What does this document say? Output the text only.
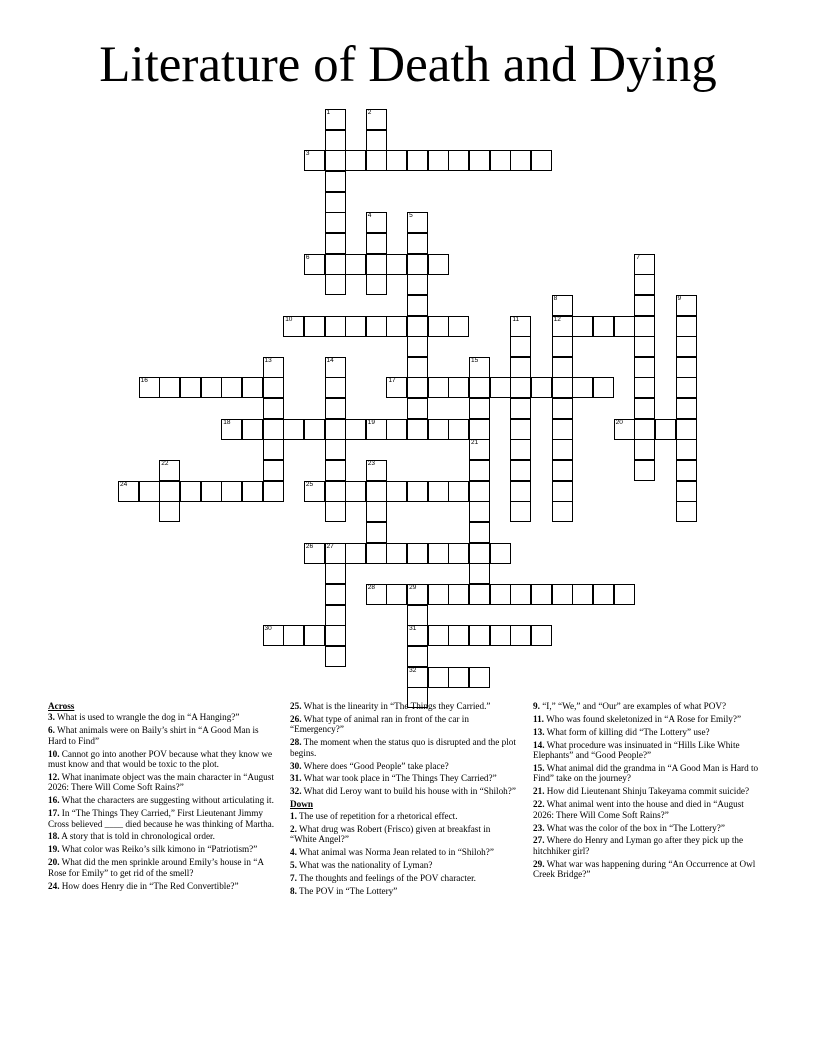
Literature of Death and Dying
3
6
10	12
16	17
18	19	20
24	25
26 27
28	29
30	31
32
1	2
4	5
7
8	9
11
13	14	15
21
22	23
Across
3. What is used to wrangle the dog in “A Hanging?”
6. What animals were on Baily’s shirt in “A Good Man is Hard to Find”
10. Cannot go into another POV because what they know we must know and that would be toxic to the plot.
12. What inanimate object was the main character in “August 2026: There Will Come Soft Rains?”
16. What the characters are suggesting without articulating it.
17. In “The Things They Carried,” First Lieutenant Jimmy Cross believed ____ died because he was thinking of Martha.
18. A story that is told in chronological order.
19. What color was Reiko’s silk kimono in “Patriotism?”
20. What did the men sprinkle around Emily’s house in “A Rose for Emily” to get rid of the smell?
24. How does Henry die in “The Red Convertible?”
25. What is the linearity in “The Things they Carried.”
26. What type of animal ran in front of the car in “Emergency?”
28. The moment when the status quo is disrupted and the plot begins.
30. Where does “Good People” take place?
31. What war took place in “The Things They Carried?”
32. What did Leroy want to build his house with in “Shiloh?”
Down
1. The use of repetition for a rhetorical effect.
2. What drug was Robert (Frisco) given at breakfast in “White Angel?”
4. What animal was Norma Jean related to in “Shiloh?”
5. What was the nationality of Lyman?
7. The thoughts and feelings of the POV character.
8. The POV in “The Lottery”
9. “I,” “We,” and “Our” are examples of what POV?
11. Who was found skeletonized in “A Rose for Emily?”
13. What form of killing did “The Lottery” use?
14. What procedure was insinuated in “Hills Like White Elephants” and “Good People?”
15. What animal did the grandma in “A Good Man is Hard to Find” take on the journey?
21. How did Lieutenant Shinju Takeyama commit suicide?
22. What animal went into the house and died in “August 2026: There Will Come Soft Rains?”
23. What was the color of the box in “The Lottery?”
27. Where do Henry and Lyman go after they pick up the hitchhiker girl?
29. What war was happening during “An Occurrence at Owl Creek Bridge?”
